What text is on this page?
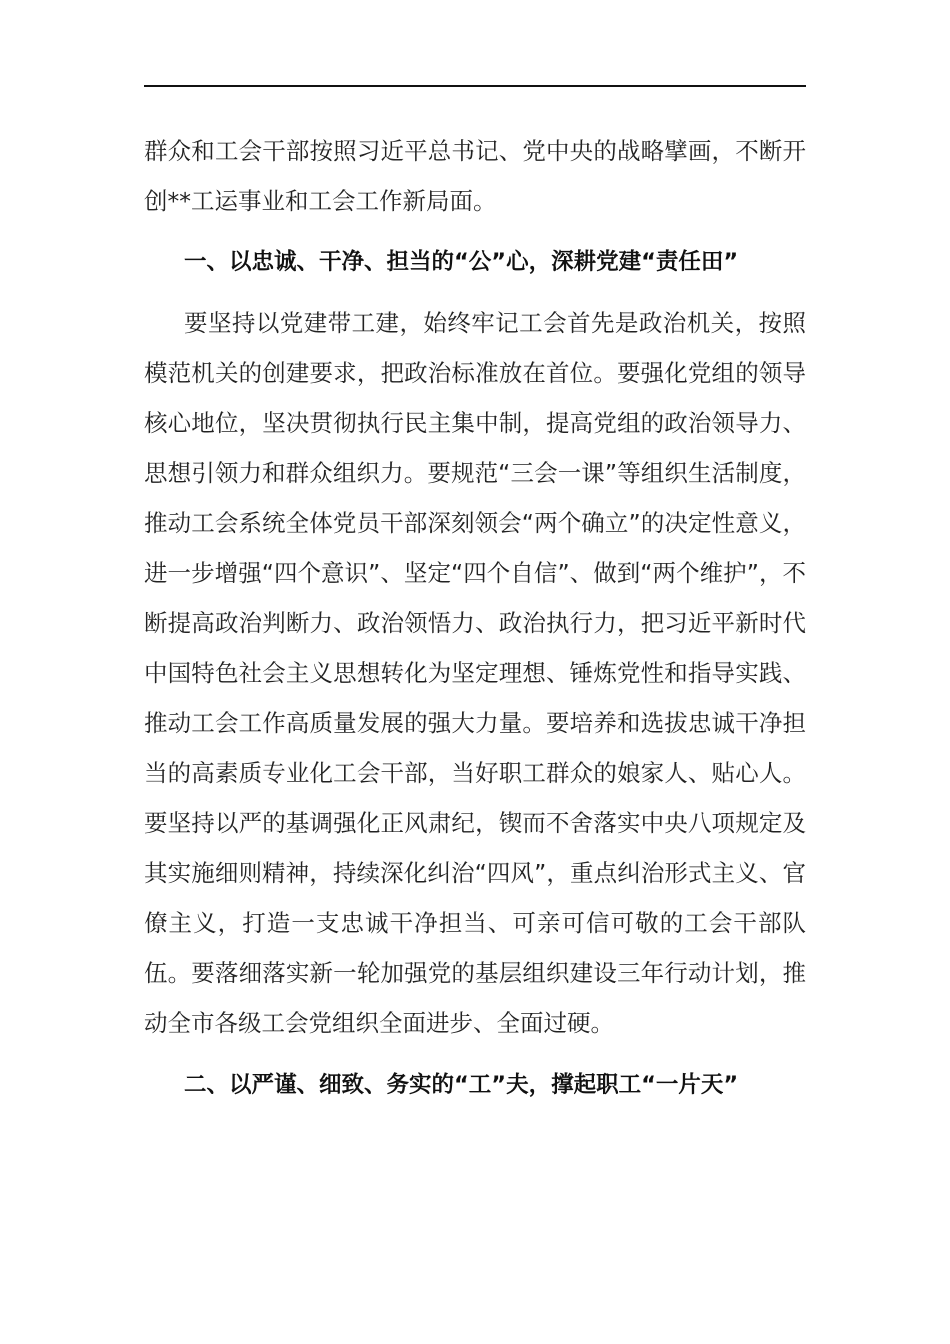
群众和工会干部按照习近平总书记、党中央的战略擘画，不断开创**工运事业和工会工作新局面。

一、以忠诚、干净、担当的“公”心，深耕党建“责任田”

要坚持以党建带工建，始终牢记工会首先是政治机关，按照模范机关的创建要求，把政治标准放在首位。要强化党组的领导核心地位，坚决贯彻执行民主集中制，提高党组的政治领导力、思想引领力和群众组织力。要规范“三会一课”等组织生活制度，推动工会系统全体党员干部深刻领会“两个确立”的决定性意义，进一步增强“四个意识”、坚定“四个自信”、做到“两个维护”，不断提高政治判断力、政治领悟力、政治执行力，把习近平新时代中国特色社会主义思想转化为坚定理想、锤炼党性和指导实践、推动工会工作高质量发展的强大力量。要培养和选拔忠诚干净担当的高素质专业化工会干部，当好职工群众的娘家人、贴心人。要坚持以严的基调强化正风肃纪，锲而不舍落实中央八项规定及其实施细则精神，持续深化纠治“四风”，重点纠治形式主义、官僚主义，打造一支忠诚干净担当、可亲可信可敬的工会干部队伍。要落细落实新一轮加强党的基层组织建设三年行动计划，推动全市各级工会党组织全面进步、全面过硬。

二、以严谨、细致、务实的“工”夫，撑起职工“一片天”
